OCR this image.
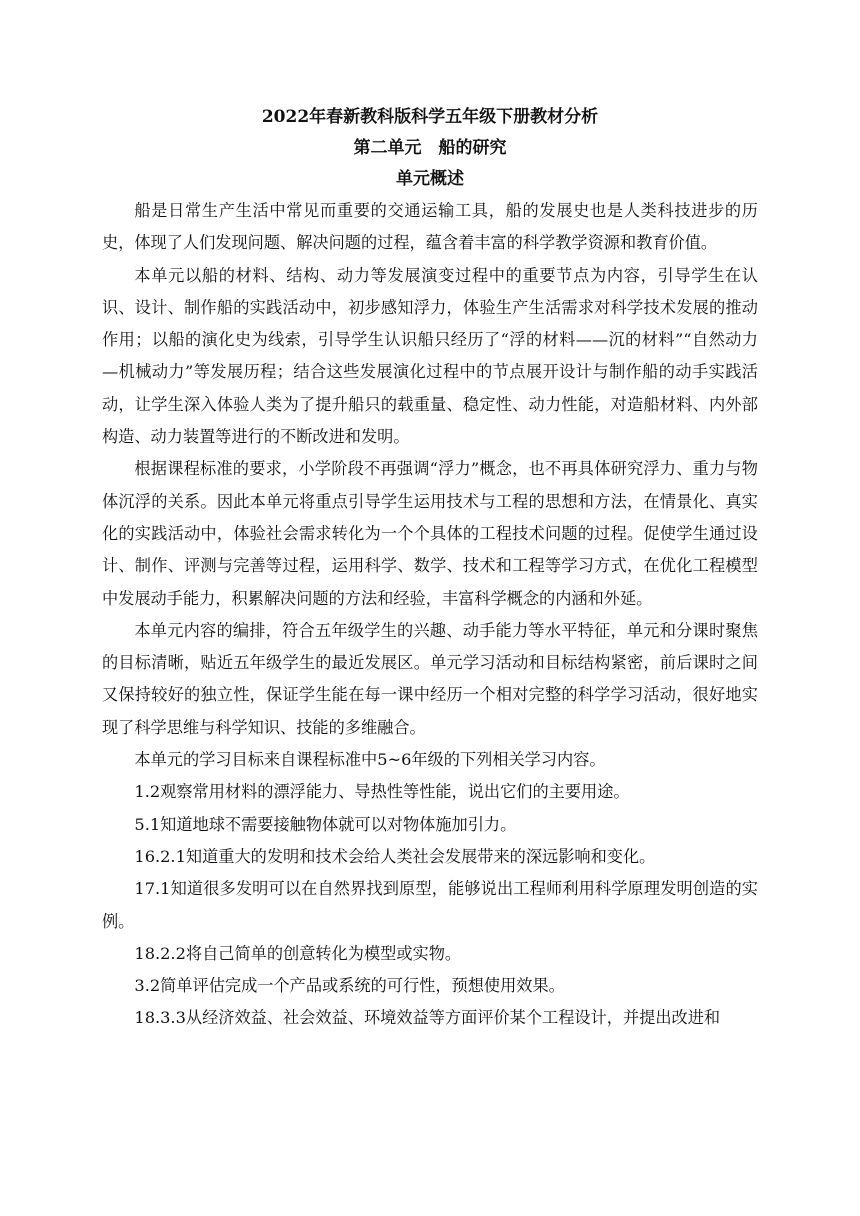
2022年春新教科版科学五年级下册教材分析

第二单元　船的研究

单元概述

船是日常生产生活中常见而重要的交通运输工具，船的发展史也是人类科技进步的历史，体现了人们发现问题、解决问题的过程，蕴含着丰富的科学教学资源和教育价值。

本单元以船的材料、结构、动力等发展演变过程中的重要节点为内容，引导学生在认识、设计、制作船的实践活动中，初步感知浮力，体验生产生活需求对科学技术发展的推动作用；以船的演化史为线索，引导学生认识船只经历了“浮的材料——沉的材料”“自然动力—机械动力”等发展历程；结合这些发展演化过程中的节点展开设计与制作船的动手实践活动，让学生深入体验人类为了提升船只的载重量、稳定性、动力性能，对造船材料、内外部构造、动力装置等进行的不断改进和发明。

根据课程标准的要求，小学阶段不再强调“浮力”概念，也不再具体研究浮力、重力与物体沉浮的关系。因此本单元将重点引导学生运用技术与工程的思想和方法，在情景化、真实化的实践活动中，体验社会需求转化为一个个具体的工程技术问题的过程。促使学生通过设计、制作、评测与完善等过程，运用科学、数学、技术和工程等学习方式，在优化工程模型中发展动手能力，积累解决问题的方法和经验，丰富科学概念的内涵和外延。

本单元内容的编排，符合五年级学生的兴趣、动手能力等水平特征，单元和分课时聚焦的目标清晰，贴近五年级学生的最近发展区。单元学习活动和目标结构紧密，前后课时之间又保持较好的独立性，保证学生能在每一课中经历一个相对完整的科学学习活动，很好地实现了科学思维与科学知识、技能的多维融合。

本单元的学习目标来自课程标准中5~6年级的下列相关学习内容。

1.2观察常用材料的漂浮能力、导热性等性能，说出它们的主要用途。

5.1知道地球不需要接触物体就可以对物体施加引力。

16.2.1知道重大的发明和技术会给人类社会发展带来的深远影响和变化。

17.1知道很多发明可以在自然界找到原型，能够说出工程师利用科学原理发明创造的实例。

18.2.2将自己简单的创意转化为模型或实物。

3.2简单评估完成一个产品或系统的可行性，预想使用效果。

18.3.3从经济效益、社会效益、环境效益等方面评价某个工程设计，并提出改进和
